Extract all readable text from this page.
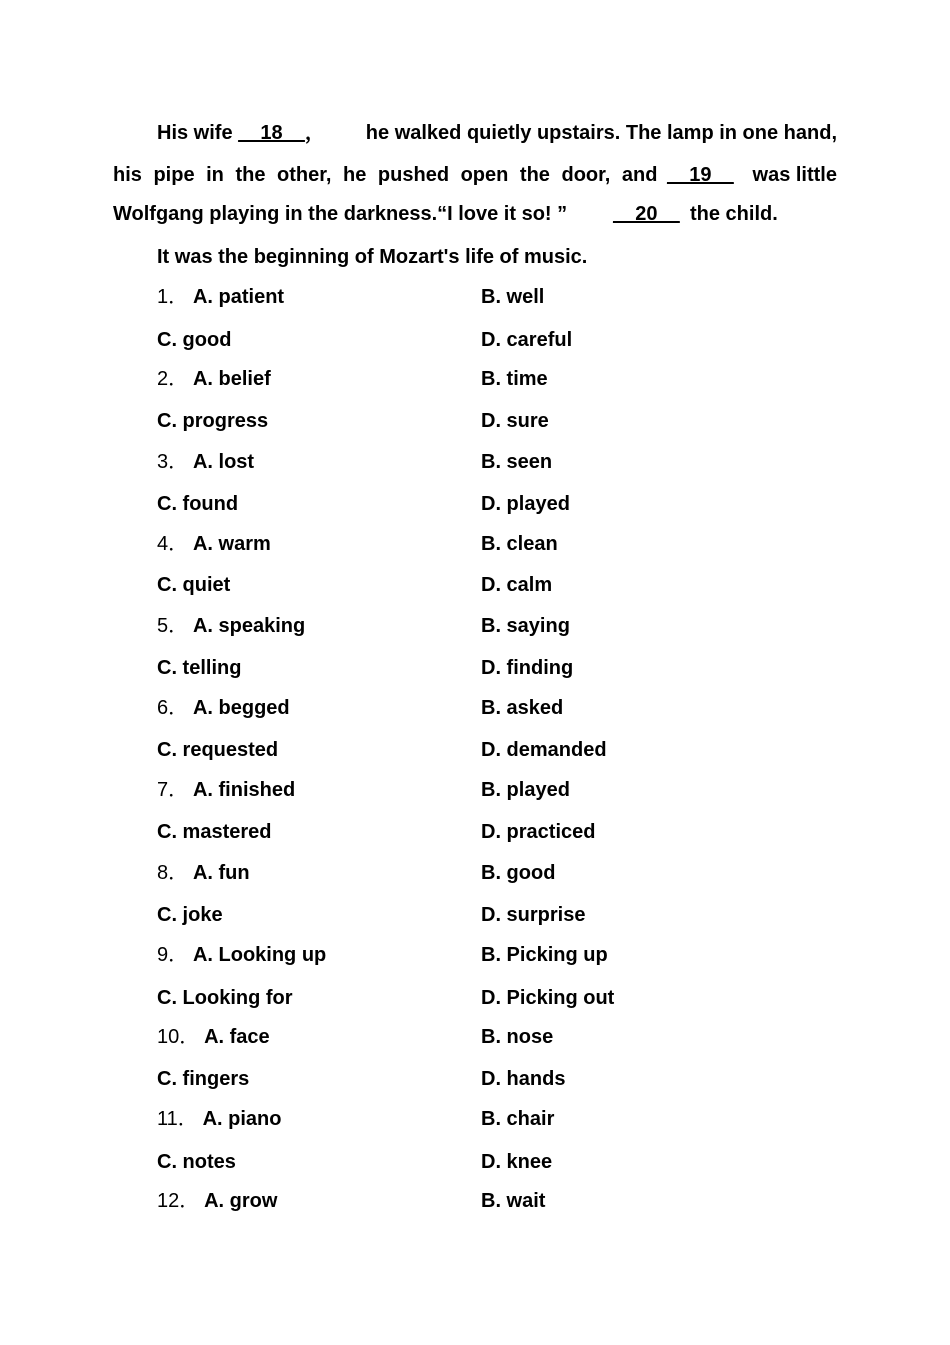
His wife __18__， he walked quietly upstairs. The lamp in one hand,
his pipe in the other, he pushed open the door, and __19__ was little
Wolfgang playing in the darkness.“I love it so! ” __20__ the child.
It was the beginning of Mozart's life of music.
1． A. patient	B. well
C. good	D. careful
2． A. belief	B. time
C. progress	D. sure
3． A. lost	B. seen
C. found	D. played
4． A. warm	B. clean
C. quiet	D. calm
5． A. speaking	B. saying
C. telling	D. finding
6． A. begged	B. asked
C. requested	D. demanded
7． A. finished	B. played
C. mastered	D. practiced
8． A. fun	B. good
C. joke	D. surprise
9． A. Looking up	B. Picking up
C. Looking for	D. Picking out
10． A. face	B. nose
C. fingers	D. hands
11． A. piano	B. chair
C. notes	D. knee
12． A. grow	B. wait
